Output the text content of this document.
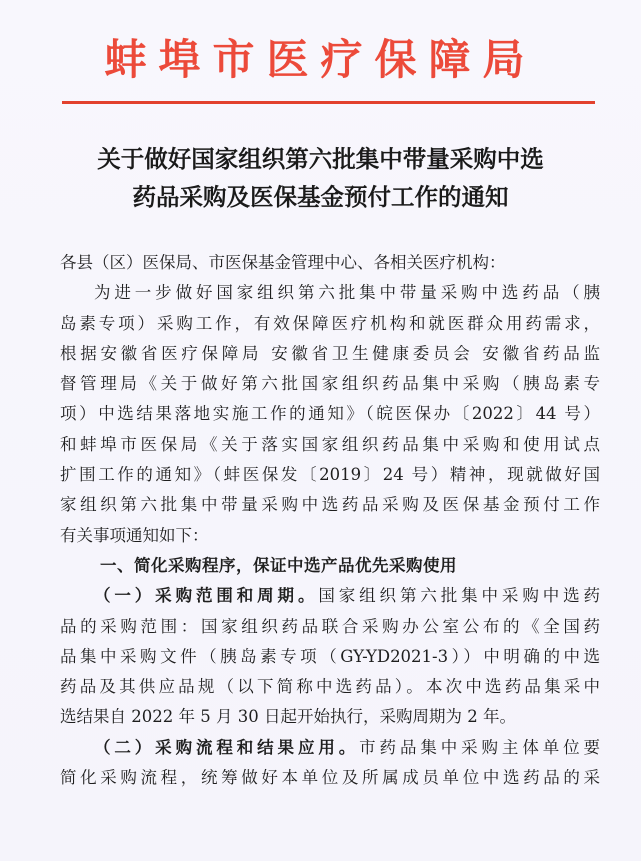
蚌埠市医疗保障局
关于做好国家组织第六批集中带量采购中选
药品采购及医保基金预付工作的通知
各县（区）医保局、市医保基金管理中心、各相关医疗机构：
为进一步做好国家组织第六批集中带量采购中选药品（胰
岛素专项）采购工作，有效保障医疗机构和就医群众用药需求，
根据安徽省医疗保障局 安徽省卫生健康委员会 安徽省药品监
督管理局《关于做好第六批国家组织药品集中采购（胰岛素专
项）中选结果落地实施工作的通知》（皖医保办〔2022〕44 号）
和蚌埠市医保局《关于落实国家组织药品集中采购和使用试点
扩围工作的通知》（蚌医保发〔2019〕24 号）精神，现就做好国
家组织第六批集中带量采购中选药品采购及医保基金预付工作
有关事项通知如下：
一、简化采购程序，保证中选产品优先采购使用
（一）采购范围和周期。国家组织第六批集中采购中选药
品的采购范围：国家组织药品联合采购办公室公布的《全国药
品集中采购文件（胰岛素专项（GY-YD2021-3））中明确的中选
药品及其供应品规（以下简称中选药品）。本次中选药品集采中
选结果自 2022 年 5 月 30 日起开始执行，采购周期为 2 年。
（二）采购流程和结果应用。市药品集中采购主体单位要
简化采购流程，统筹做好本单位及所属成员单位中选药品的采
